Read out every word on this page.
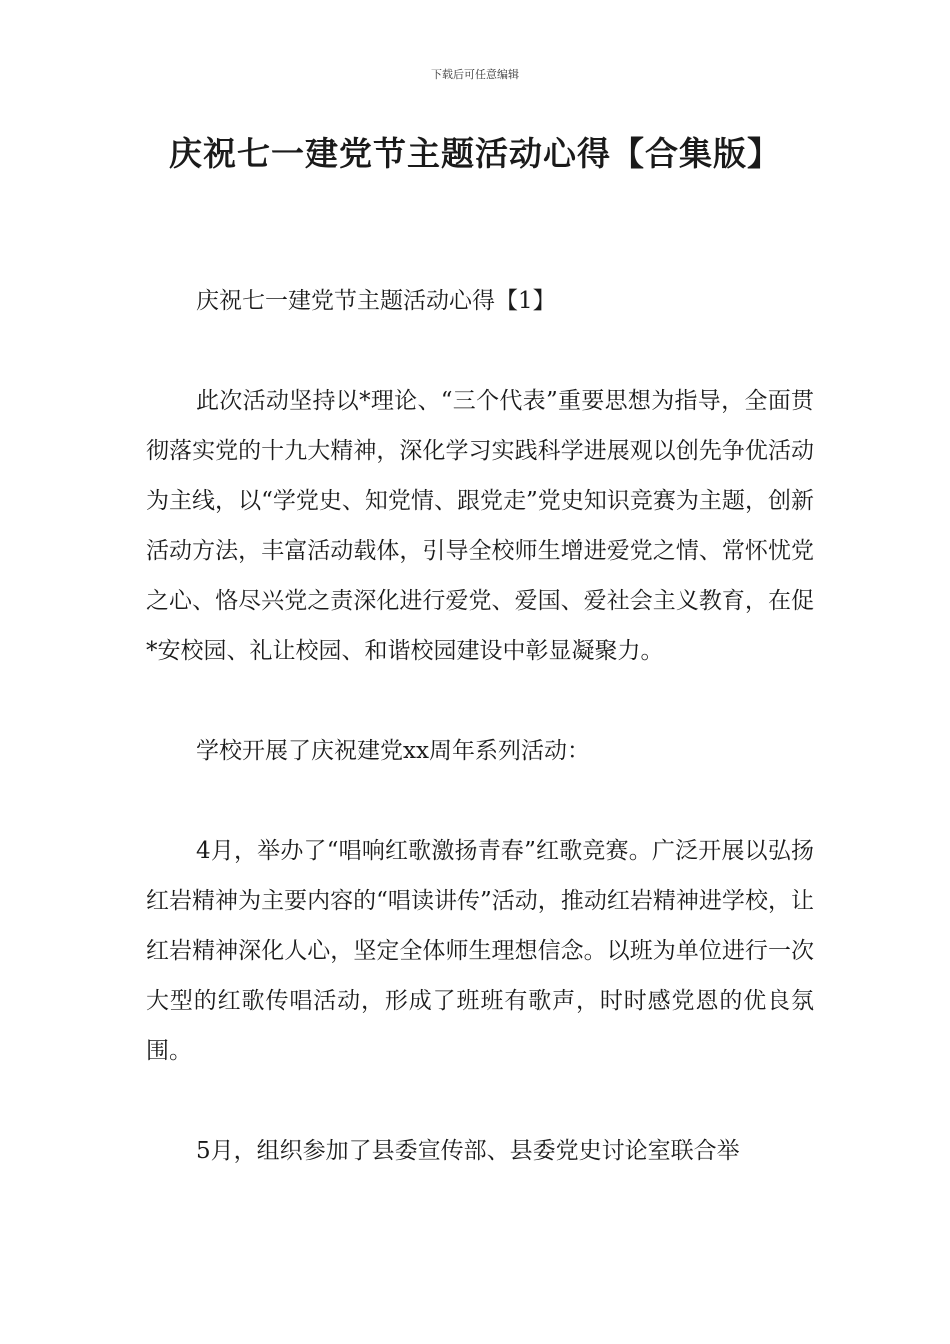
下载后可任意编辑
庆祝七一建党节主题活动心得【合集版】

庆祝七一建党节主题活动心得【1】

此次活动坚持以*理论、“三个代表”重要思想为指导，全面贯彻落实党的十九大精神，深化学习实践科学进展观以创先争优活动为主线，以“学党史、知党情、跟党走”党史知识竞赛为主题，创新活动方法，丰富活动载体，引导全校师生增进爱党之情、常怀忧党之心、恪尽兴党之责深化进行爱党、爱国、爱社会主义教育，在促*安校园、礼让校园、和谐校园建设中彰显凝聚力。

学校开展了庆祝建党xx周年系列活动：

4月，举办了“唱响红歌激扬青春”红歌竞赛。广泛开展以弘扬红岩精神为主要内容的“唱读讲传”活动，推动红岩精神进学校，让红岩精神深化人心，坚定全体师生理想信念。以班为单位进行一次大型的红歌传唱活动，形成了班班有歌声，时时感党恩的优良氛围。

5月，组织参加了县委宣传部、县委党史讨论室联合举
